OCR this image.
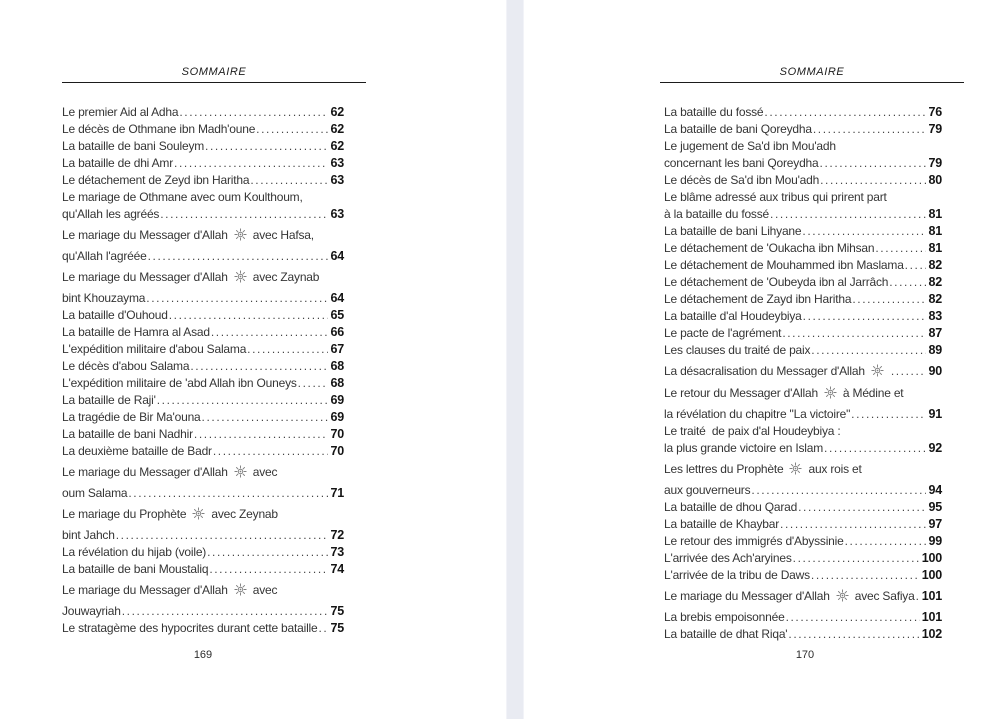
SOMMAIRE
Le premier Aid al Adha .....	62
Le décès de Othmane ibn Madh'oune .....	62
La bataille de bani Souleym .....	62
La bataille de dhi Amr .....	63
Le détachement de Zeyd ibn Haritha .....	63
Le mariage de Othmane avec oum Koulthoum,
qu'Allah les agréés .....	63
Le mariage du Messager d'Allah avec Hafsa,
qu'Allah l'agréée .....	64
Le mariage du Messager d'Allah avec Zaynab
bint Khouzayma .....	64
La bataille d'Ouhoud .....	65
La bataille de Hamra al Asad .....	66
L'expédition militaire d'abou Salama .....	67
Le décès d'abou Salama .....	68
L'expédition militaire de 'abd Allah ibn Ouneys .....	68
La bataille de Raji' .....	69
La tragédie de Bir Ma'ouna .....	69
La bataille de bani Nadhir .....	70
La deuxième bataille de Badr .....	70
Le mariage du Messager d'Allah avec
oum Salama .....	71
Le mariage du Prophète avec Zeynab
bint Jahch .....	72
La révélation du hijab (voile) .....	73
La bataille de bani Moustaliq .....	74
Le mariage du Messager d'Allah avec
Jouwayriah .....	75
Le stratagème des hypocrites durant cette bataille ..... 75
169
SOMMAIRE
La bataille du fossé .....	76
La bataille de bani Qoreydha .....	79
Le jugement de Sa'd ibn Mou'adh
concernant les bani Qoreydha .....	79
Le décès de Sa'd ibn Mou'adh .....	80
Le blâme adressé aux tribus qui prirent part
à la bataille du fossé .....	81
La bataille de bani Lihyane .....	81
Le détachement de 'Oukacha ibn Mihsan .....	81
Le détachement de Mouhammed ibn Maslama ..... 82
Le détachement de 'Oubeyda ibn al Jarrâch .....	82
Le détachement de Zayd ibn Haritha .....	82
La bataille d'al Houdeybiya .....	83
Le pacte de l'agrément .....	87
Les clauses du traité de paix .....	89
La désacralisation du Messager d'Allah .....	90
Le retour du Messager d'Allah à Médine et
la révélation du chapitre "La victoire" .....	91
Le traité  de paix d'al Houdeybiya :
la plus grande victoire en Islam .....	92
Les lettres du Prophète aux rois et
aux gouverneurs .....	94
La bataille de dhou Qarad .....	95
La bataille de Khaybar .....	97
Le retour des immigrés d'Abyssinie .....	99
L'arrivée des Ach'aryines .....	100
L'arrivée de la tribu de Daws .....	100
Le mariage du Messager d'Allah avec Safiya ..... 101
La brebis empoisonnée .....	101
La bataille de dhat Riqa' .....	102
170
